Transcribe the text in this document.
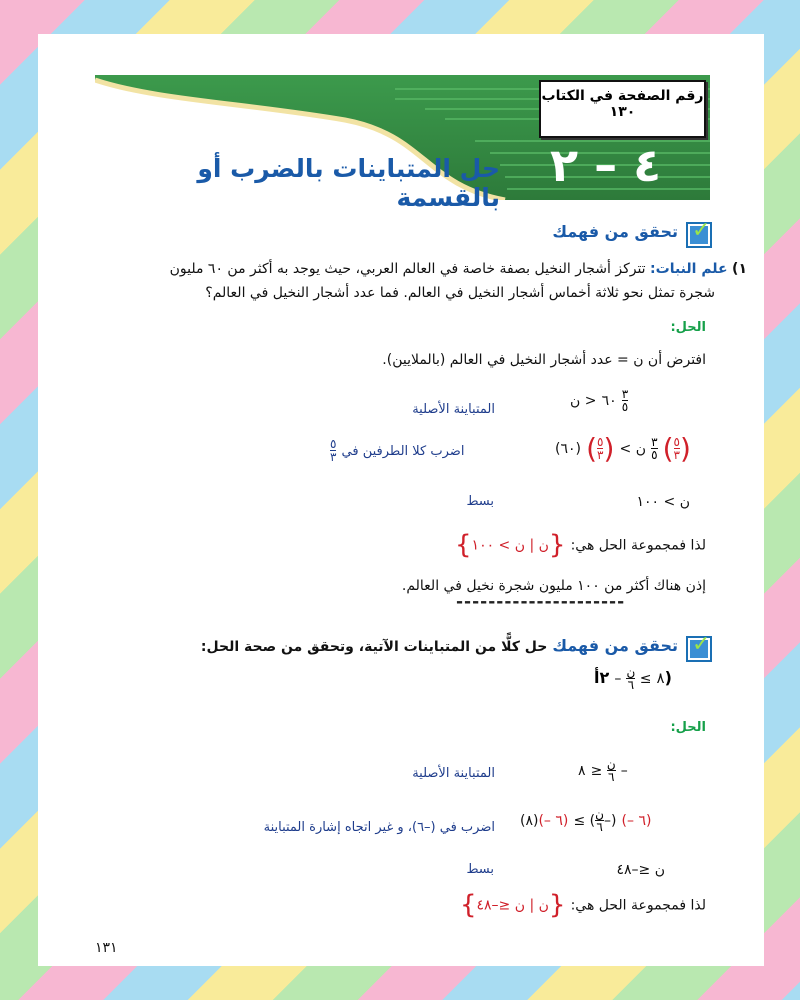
رقم الصفحة في الكتاب
١٣٠
٤ – ٢
حل المتباينات بالضرب أو بالقسمة
✓
تحقق من فهمك
١) علم النبات: تتركز أشجار النخيل بصفة خاصة في العالم العربي، حيث يوجد به أكثر من ٦٠ مليون
شجرة تمثل نحو ثلاثة أخماس أشجار النخيل في العالم. فما عدد أشجار النخيل في العالم؟
الحل:
افترض أن ن = عدد أشجار النخيل في العالم (بالملايين).
٦٠ < ن	$\frac{٣}{٥}$
المتباينة الأصلية
(٦٠) ( $\frac{٥}{٣}$ ) < ن $\frac{٣}{٥}$ ( $\frac{٥}{٣}$ )
اضرب كلا الطرفين في
$\frac{٥}{٣}$
ن > ١٠٠
بسط
لذا فمجموعة الحل هي: {ن | ن > ١٠٠}
إذن هناك أكثر من ١٠٠ مليون شجرة نخيل في العالم.
---------------------
✓
تحقق من فهمك حل كلًّا من المتباينات الآتية، وتحقق من صحة الحل:
٨ ≥
$\frac{\text{ن}}{٦}$
– ٢أ)
الحل:
٨ ≥ $\frac{\text{ن}}{٦}$ –
المتباينة الأصلية
(٨)(– ٦) ≤ ( $\frac{\text{ن}}{٦}$ –) (– ٦)
اضرب في (–٦)، و غير اتجاه إشارة المتباينة
ن ≤–٤٨
بسط
لذا فمجموعة الحل هي: {ن | ن ≤–٤٨}
١٣١
